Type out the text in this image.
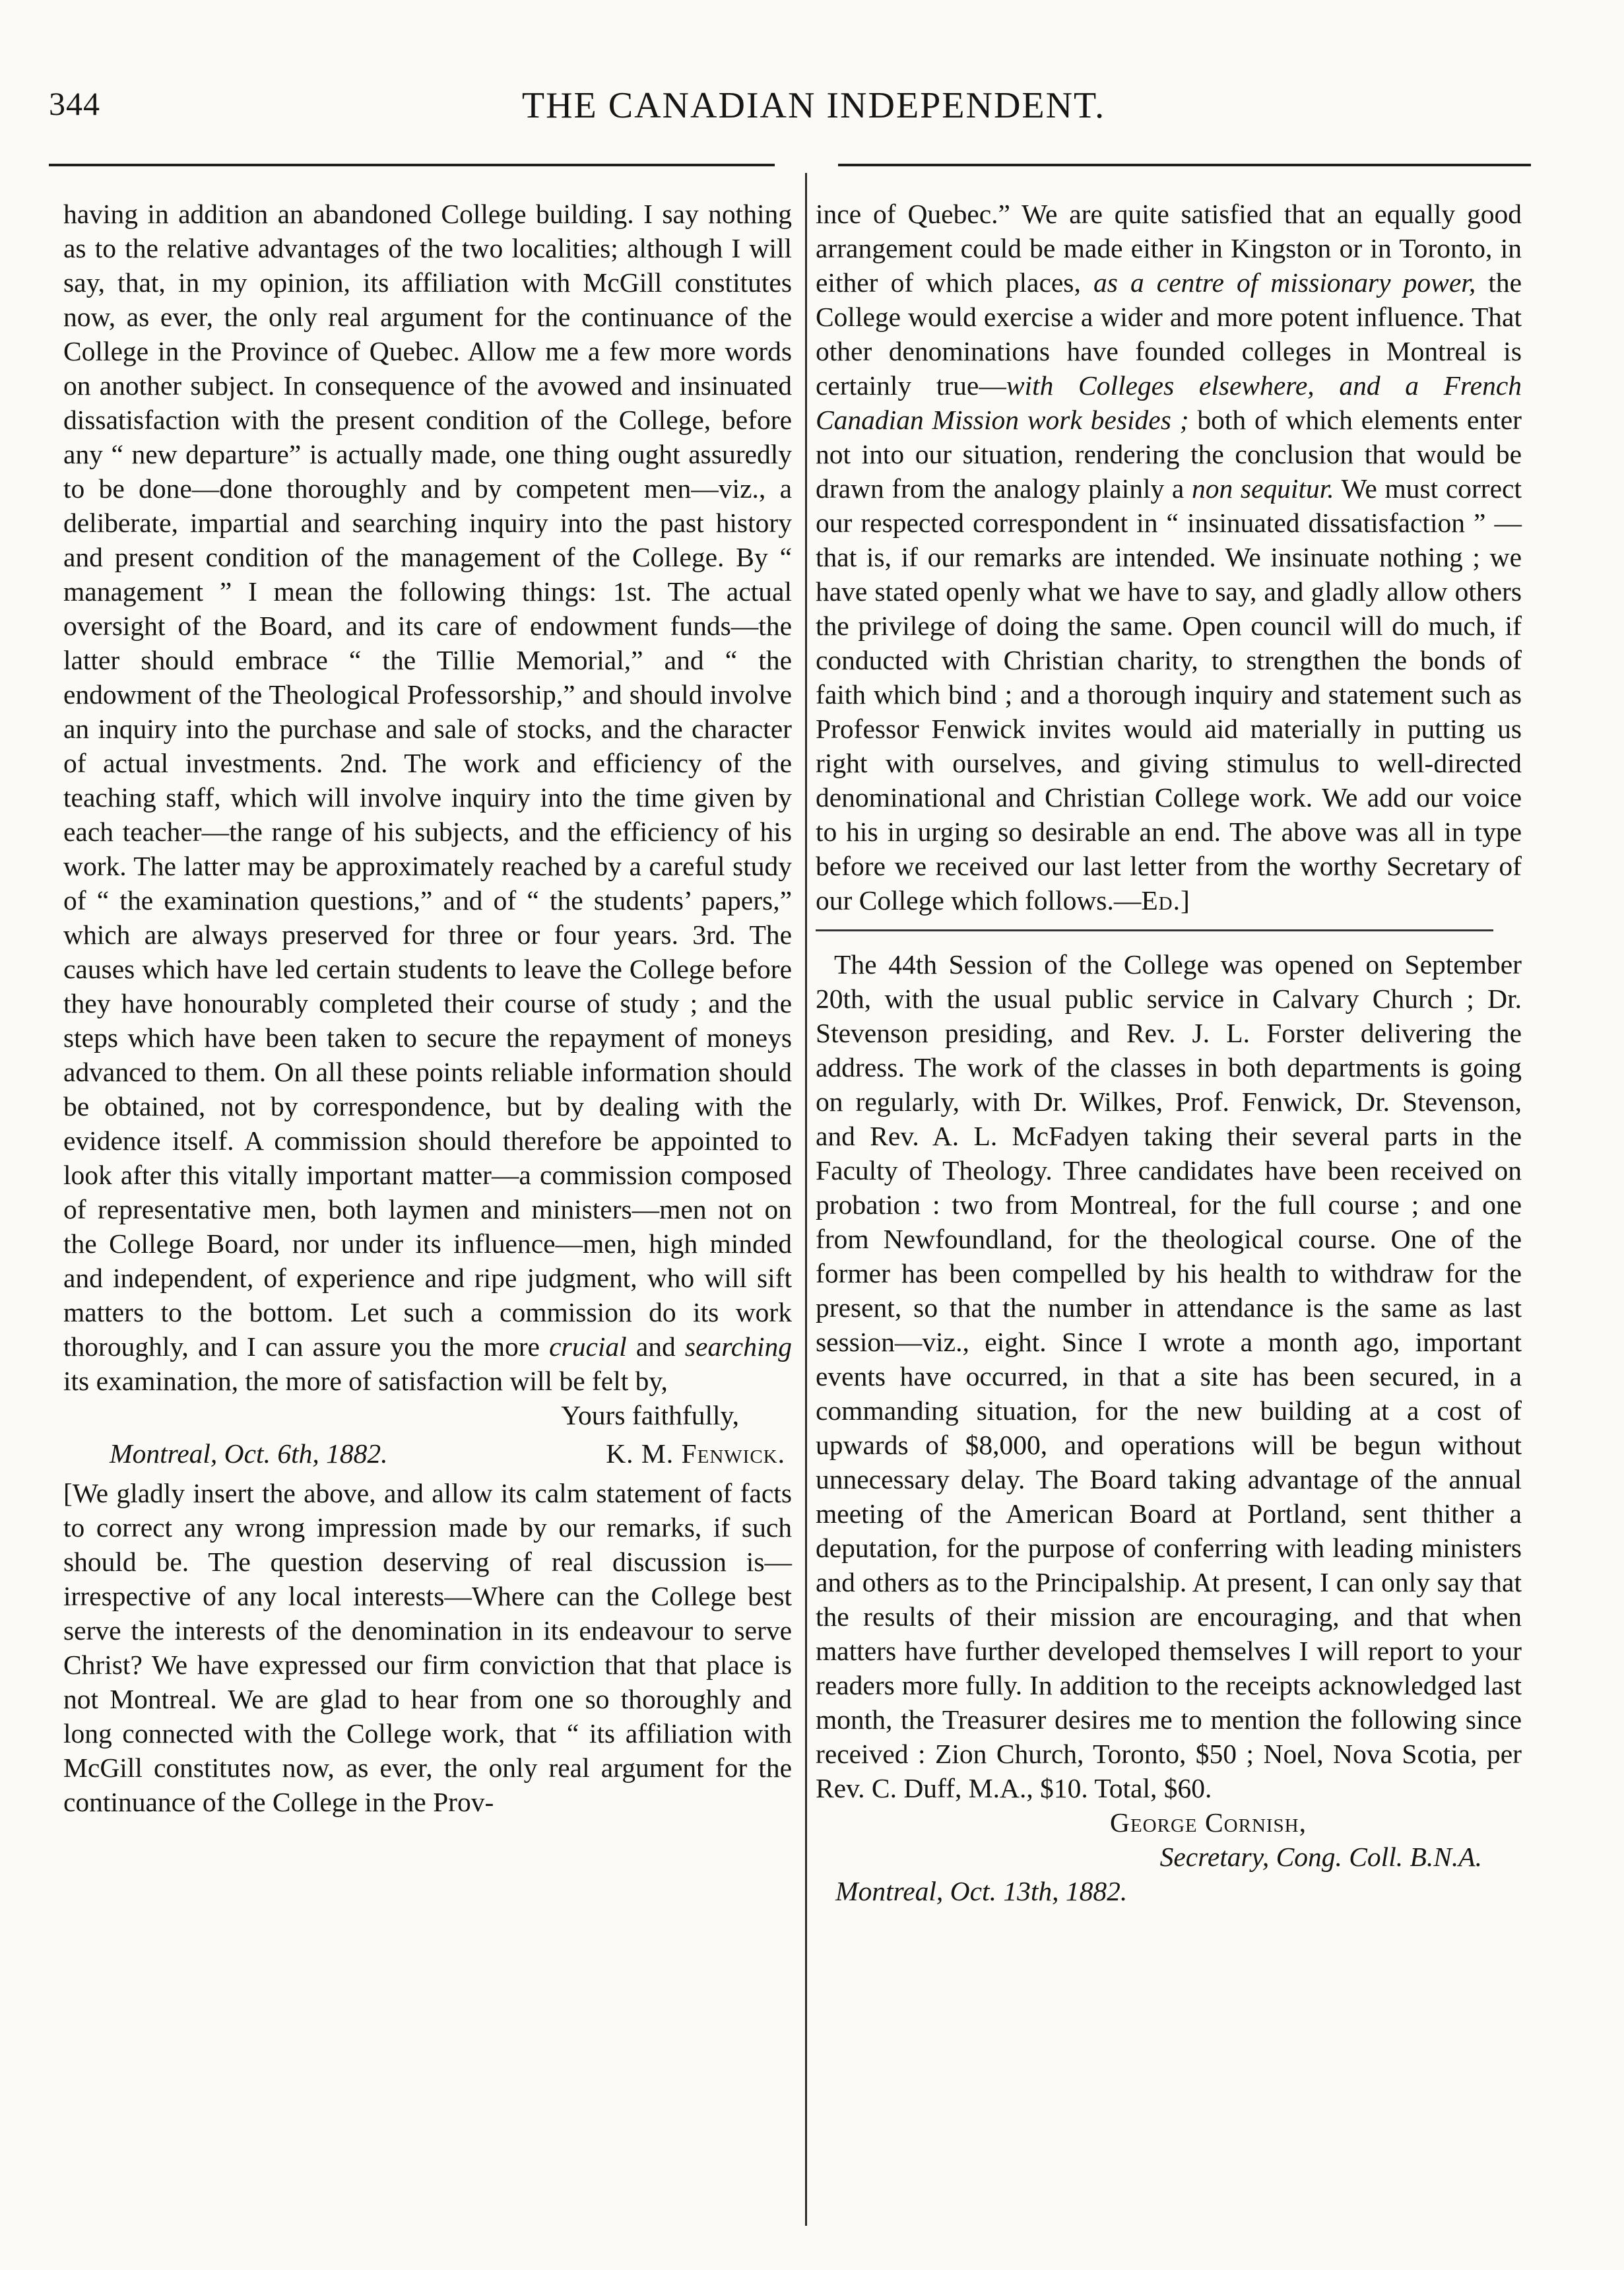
344	THE CANADIAN INDEPENDENT.

having in addition an abandoned College building. I say nothing as to the relative advantages of the two localities; although I will say, that, in my opinion, its affiliation with McGill constitutes now, as ever, the only real argument for the continuance of the College in the Province of Quebec. Allow me a few more words on another subject. In consequence of the avowed and insinuated dissatisfaction with the present condition of the College, before any “ new departure” is actually made, one thing ought assuredly to be done—done thoroughly and by competent men—viz., a deliberate, impartial and searching inquiry into the past history and present condition of the management of the College. By “ management ” I mean the following things: 1st. The actual oversight of the Board, and its care of endowment funds—the latter should embrace “ the Tillie Memorial,” and “ the endowment of the Theological Professorship,” and should involve an inquiry into the purchase and sale of stocks, and the character of actual investments. 2nd. The work and efficiency of the teaching staff, which will involve inquiry into the time given by each teacher—the range of his subjects, and the efficiency of his work. The latter may be approximately reached by a careful study of “ the examination questions,” and of “ the students’ papers,” which are always preserved for three or four years. 3rd. The causes which have led certain students to leave the College before they have honourably completed their course of study ; and the steps which have been taken to secure the repayment of moneys advanced to them. On all these points reliable information should be obtained, not by correspondence, but by dealing with the evidence itself. A commission should therefore be appointed to look after this vitally important matter—a commission composed of representative men, both laymen and ministers—men not on the College Board, nor under its influence—men, high minded and independent, of experience and ripe judgment, who will sift matters to the bottom. Let such a commission do its work thoroughly, and I can assure you the more crucial and searching its examination, the more of satisfaction will be felt by,

Yours faithfully,

Montreal, Oct. 6th, 1882.	K. M. Fenwick.

[We gladly insert the above, and allow its calm statement of facts to correct any wrong impression made by our remarks, if such should be. The question deserving of real discussion is—irrespective of any local interests—Where can the College best serve the interests of the denomination in its endeavour to serve Christ? We have expressed our firm conviction that that place is not Montreal. We are glad to hear from one so thoroughly and long connected with the College work, that “ its affiliation with McGill constitutes now, as ever, the only real argument for the continuance of the College in the Prov-

ince of Quebec.” We are quite satisfied that an equally good arrangement could be made either in Kingston or in Toronto, in either of which places, as a centre of missionary power, the College would exercise a wider and more potent influence. That other denominations have founded colleges in Montreal is certainly true—with Colleges elsewhere, and a French Canadian Mission work besides ; both of which elements enter not into our situation, rendering the conclusion that would be drawn from the analogy plainly a non sequitur. We must correct our respected correspondent in “ insinuated dissatisfaction ” —that is, if our remarks are intended. We insinuate nothing ; we have stated openly what we have to say, and gladly allow others the privilege of doing the same. Open council will do much, if conducted with Christian charity, to strengthen the bonds of faith which bind ; and a thorough inquiry and statement such as Professor Fenwick invites would aid materially in putting us right with ourselves, and giving stimulus to well-directed denominational and Christian College work. We add our voice to his in urging so desirable an end. The above was all in type before we received our last letter from the worthy Secretary of our College which follows.—Ed.]

The 44th Session of the College was opened on September 20th, with the usual public service in Calvary Church ; Dr. Stevenson presiding, and Rev. J. L. Forster delivering the address. The work of the classes in both departments is going on regularly, with Dr. Wilkes, Prof. Fenwick, Dr. Stevenson, and Rev. A. L. McFadyen taking their several parts in the Faculty of Theology. Three candidates have been received on probation : two from Montreal, for the full course ; and one from Newfoundland, for the theological course. One of the former has been compelled by his health to withdraw for the present, so that the number in attendance is the same as last session—viz., eight. Since I wrote a month ago, important events have occurred, in that a site has been secured, in a commanding situation, for the new building at a cost of upwards of $8,000, and operations will be begun without unnecessary delay. The Board taking advantage of the annual meeting of the American Board at Portland, sent thither a deputation, for the purpose of conferring with leading ministers and others as to the Principalship. At present, I can only say that the results of their mission are encouraging, and that when matters have further developed themselves I will report to your readers more fully. In addition to the receipts acknowledged last month, the Treasurer desires me to mention the following since received : Zion Church, Toronto, $50 ; Noel, Nova Scotia, per Rev. C. Duff, M.A., $10. Total, $60.

George Cornish,

Secretary, Cong. Coll. B.N.A.

Montreal, Oct. 13th, 1882.
